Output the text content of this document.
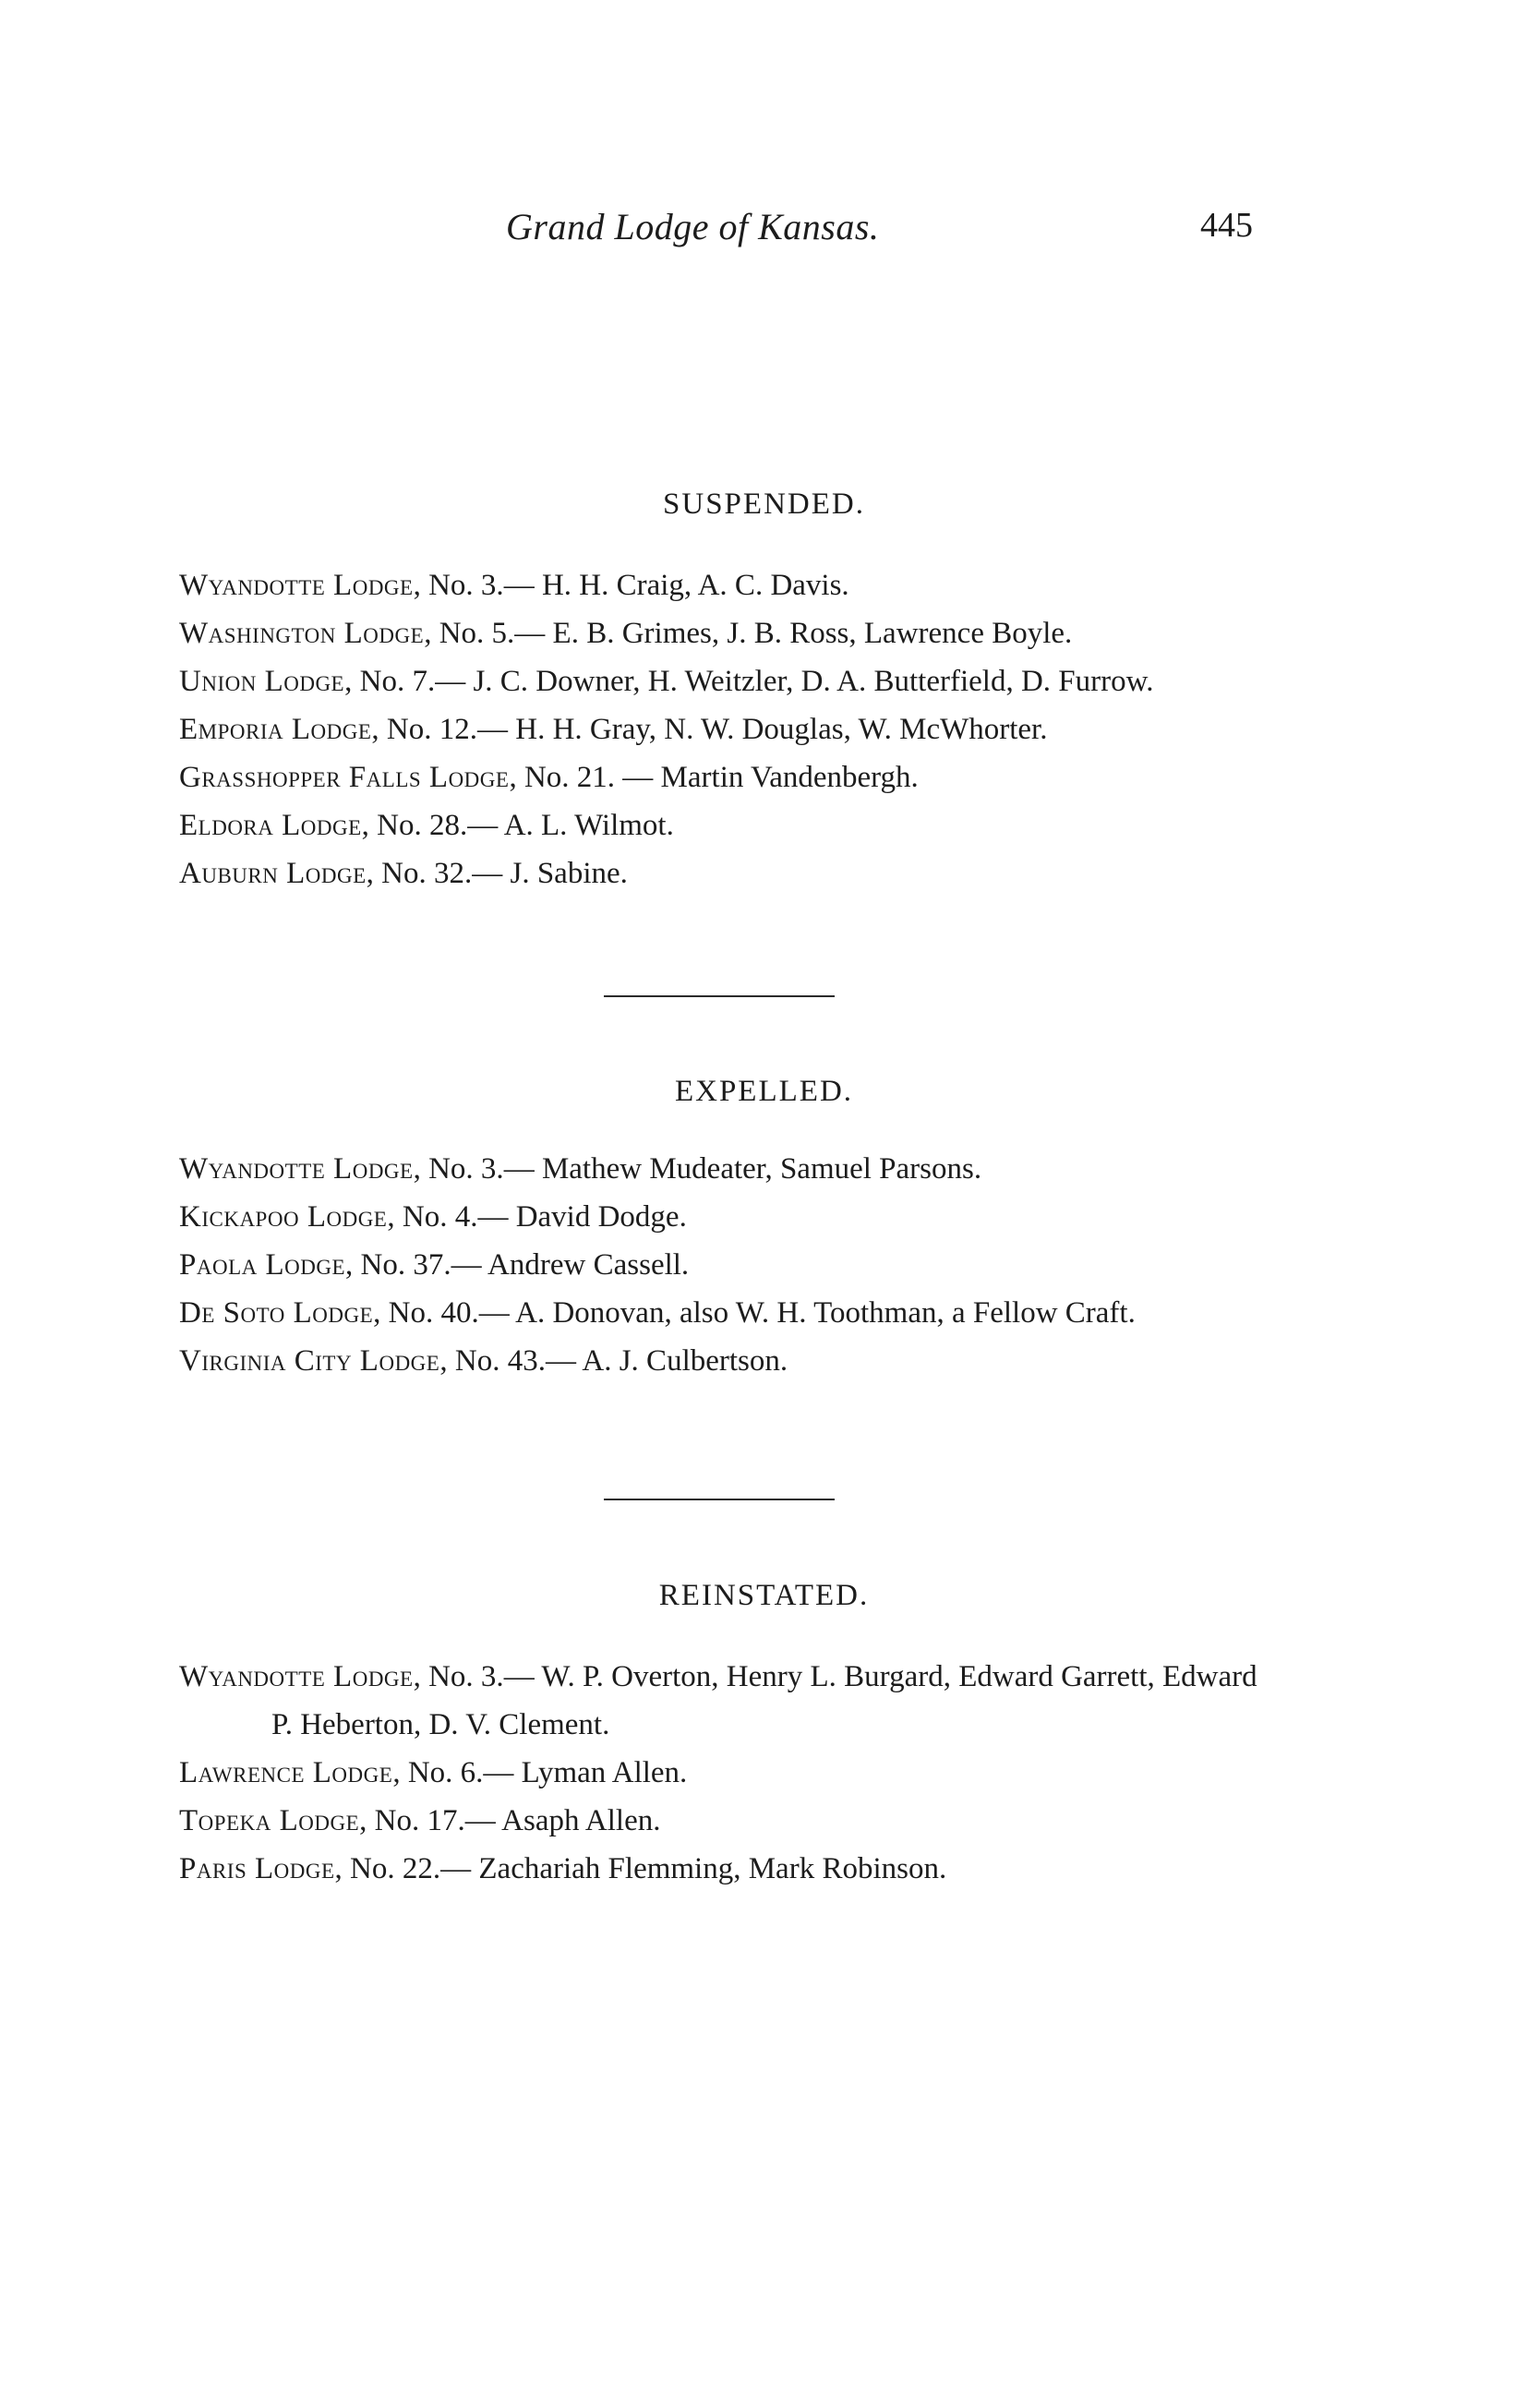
Grand Lodge of Kansas.	445
SUSPENDED.

Wyandotte Lodge, No. 3.— H. H. Craig, A. C. Davis.

Washington Lodge, No. 5.— E. B. Grimes, J. B. Ross, Lawrence Boyle.

Union Lodge, No. 7.— J. C. Downer, H. Weitzler, D. A. Butterfield, D. Furrow.

Emporia Lodge, No. 12.— H. H. Gray, N. W. Douglas, W. McWhorter.

Grasshopper Falls Lodge, No. 21. — Martin Vandenbergh.

Eldora Lodge, No. 28.— A. L. Wilmot.

Auburn Lodge, No. 32.— J. Sabine.

EXPELLED.

Wyandotte Lodge, No. 3.— Mathew Mudeater, Samuel Parsons.

Kickapoo Lodge, No. 4.— David Dodge.

Paola Lodge, No. 37.— Andrew Cassell.

De Soto Lodge, No. 40.— A. Donovan, also W. H. Toothman, a Fellow Craft.

Virginia City Lodge, No. 43.— A. J. Culbertson.

REINSTATED.

Wyandotte Lodge, No. 3.— W. P. Overton, Henry L. Burgard, Edward Garrett, Edward P. Heberton, D. V. Clement.

Lawrence Lodge, No. 6.— Lyman Allen.

Topeka Lodge, No. 17.— Asaph Allen.

Paris Lodge, No. 22.— Zachariah Flemming, Mark Robinson.
